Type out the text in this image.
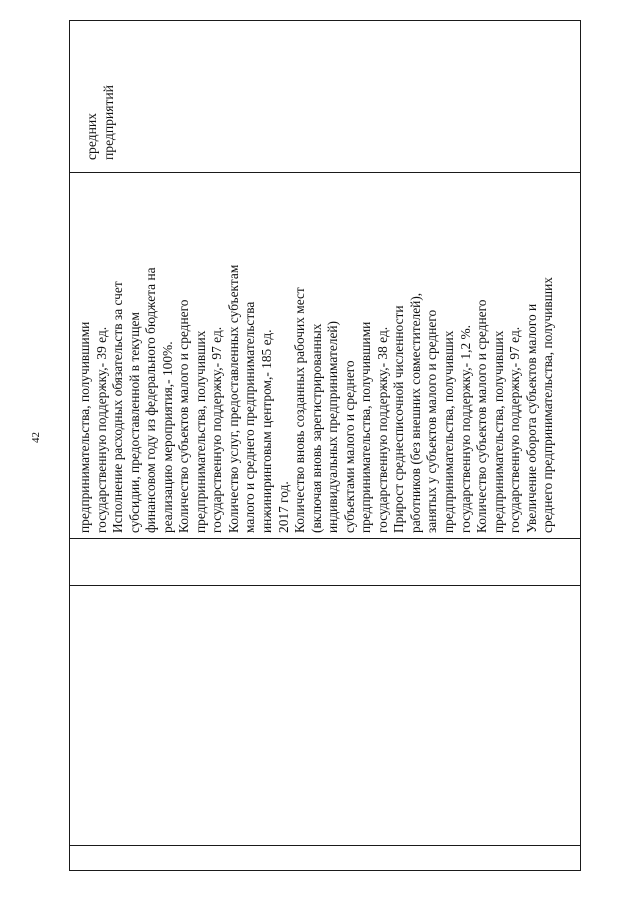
42
средних предприятий
предпринимательства, получившими государственную поддержку,- 39 ед. Исполнение расходных обязательств за счет субсидии, предоставленной в текущем финансовом году из федерального бюджета на реализацию мероприятия,- 100%. Количество субъектов малого и среднего предпринимательства, получивших государственную поддержку,- 97 ед. Количество услуг, предоставленных субъектам малого и среднего предпринимательства инжиниринговым центром,- 185 ед. 2017 год. Количество вновь созданных рабочих мест (включая вновь зарегистрированных индивидуальных предпринимателей) субъектами малого и среднего предпринимательства, получившими государственную поддержку,- 38 ед. Прирост среднесписочной численности работников (без внешних совместителей), занятых у субъектов малого и среднего предпринимательства, получивших государственную поддержку,- 1,2 %. Количество субъектов малого и среднего предпринимательства, получивших государственную поддержку,- 97 ед. Увеличение оборота субъектов малого и среднего предпринимательства, получивших
